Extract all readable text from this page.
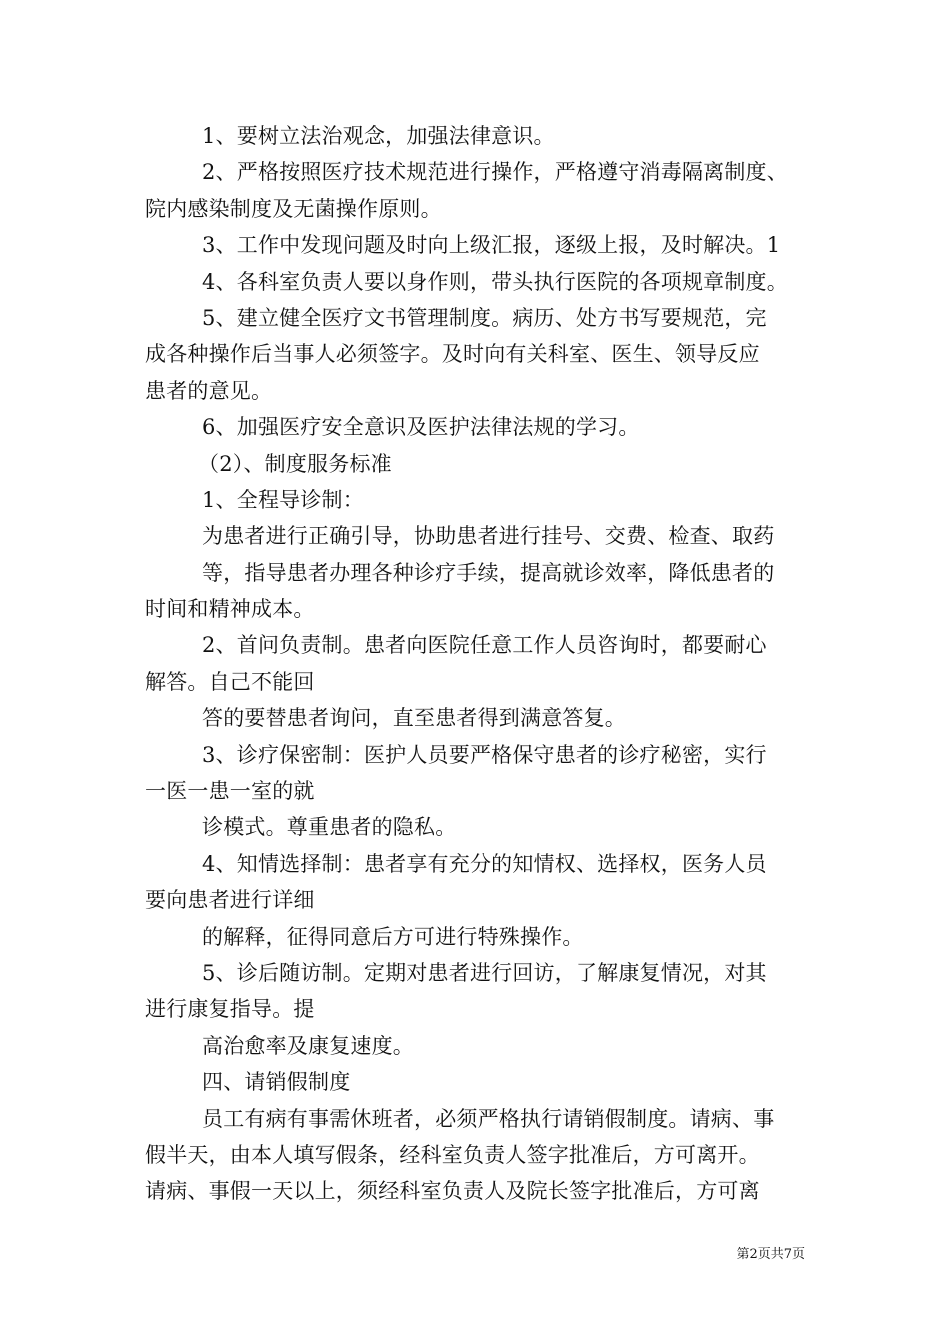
1、要树立法治观念，加强法律意识。
2、严格按照医疗技术规范进行操作，严格遵守消毒隔离制度、
院内感染制度及无菌操作原则。
3、工作中发现问题及时向上级汇报，逐级上报，及时解决。1
4、各科室负责人要以身作则，带头执行医院的各项规章制度。
5、建立健全医疗文书管理制度。病历、处方书写要规范，完
成各种操作后当事人必须签字。及时向有关科室、医生、领导反应
患者的意见。
6、加强医疗安全意识及医护法律法规的学习。
（2）、制度服务标准
1、全程导诊制：
为患者进行正确引导，协助患者进行挂号、交费、检查、取药
等，指导患者办理各种诊疗手续，提高就诊效率，降低患者的
时间和精神成本。
2、首问负责制。患者向医院任意工作人员咨询时，都要耐心
解答。自己不能回
答的要替患者询问，直至患者得到满意答复。
3、诊疗保密制：医护人员要严格保守患者的诊疗秘密，实行
一医一患一室的就
诊模式。尊重患者的隐私。
4、知情选择制：患者享有充分的知情权、选择权，医务人员
要向患者进行详细
的解释，征得同意后方可进行特殊操作。
5、诊后随访制。定期对患者进行回访，了解康复情况，对其
进行康复指导。提
高治愈率及康复速度。
四、请销假制度
员工有病有事需休班者，必须严格执行请销假制度。请病、事
假半天，由本人填写假条，经科室负责人签字批准后，方可离开。
请病、事假一天以上，须经科室负责人及院长签字批准后，方可离
第2页共7页
